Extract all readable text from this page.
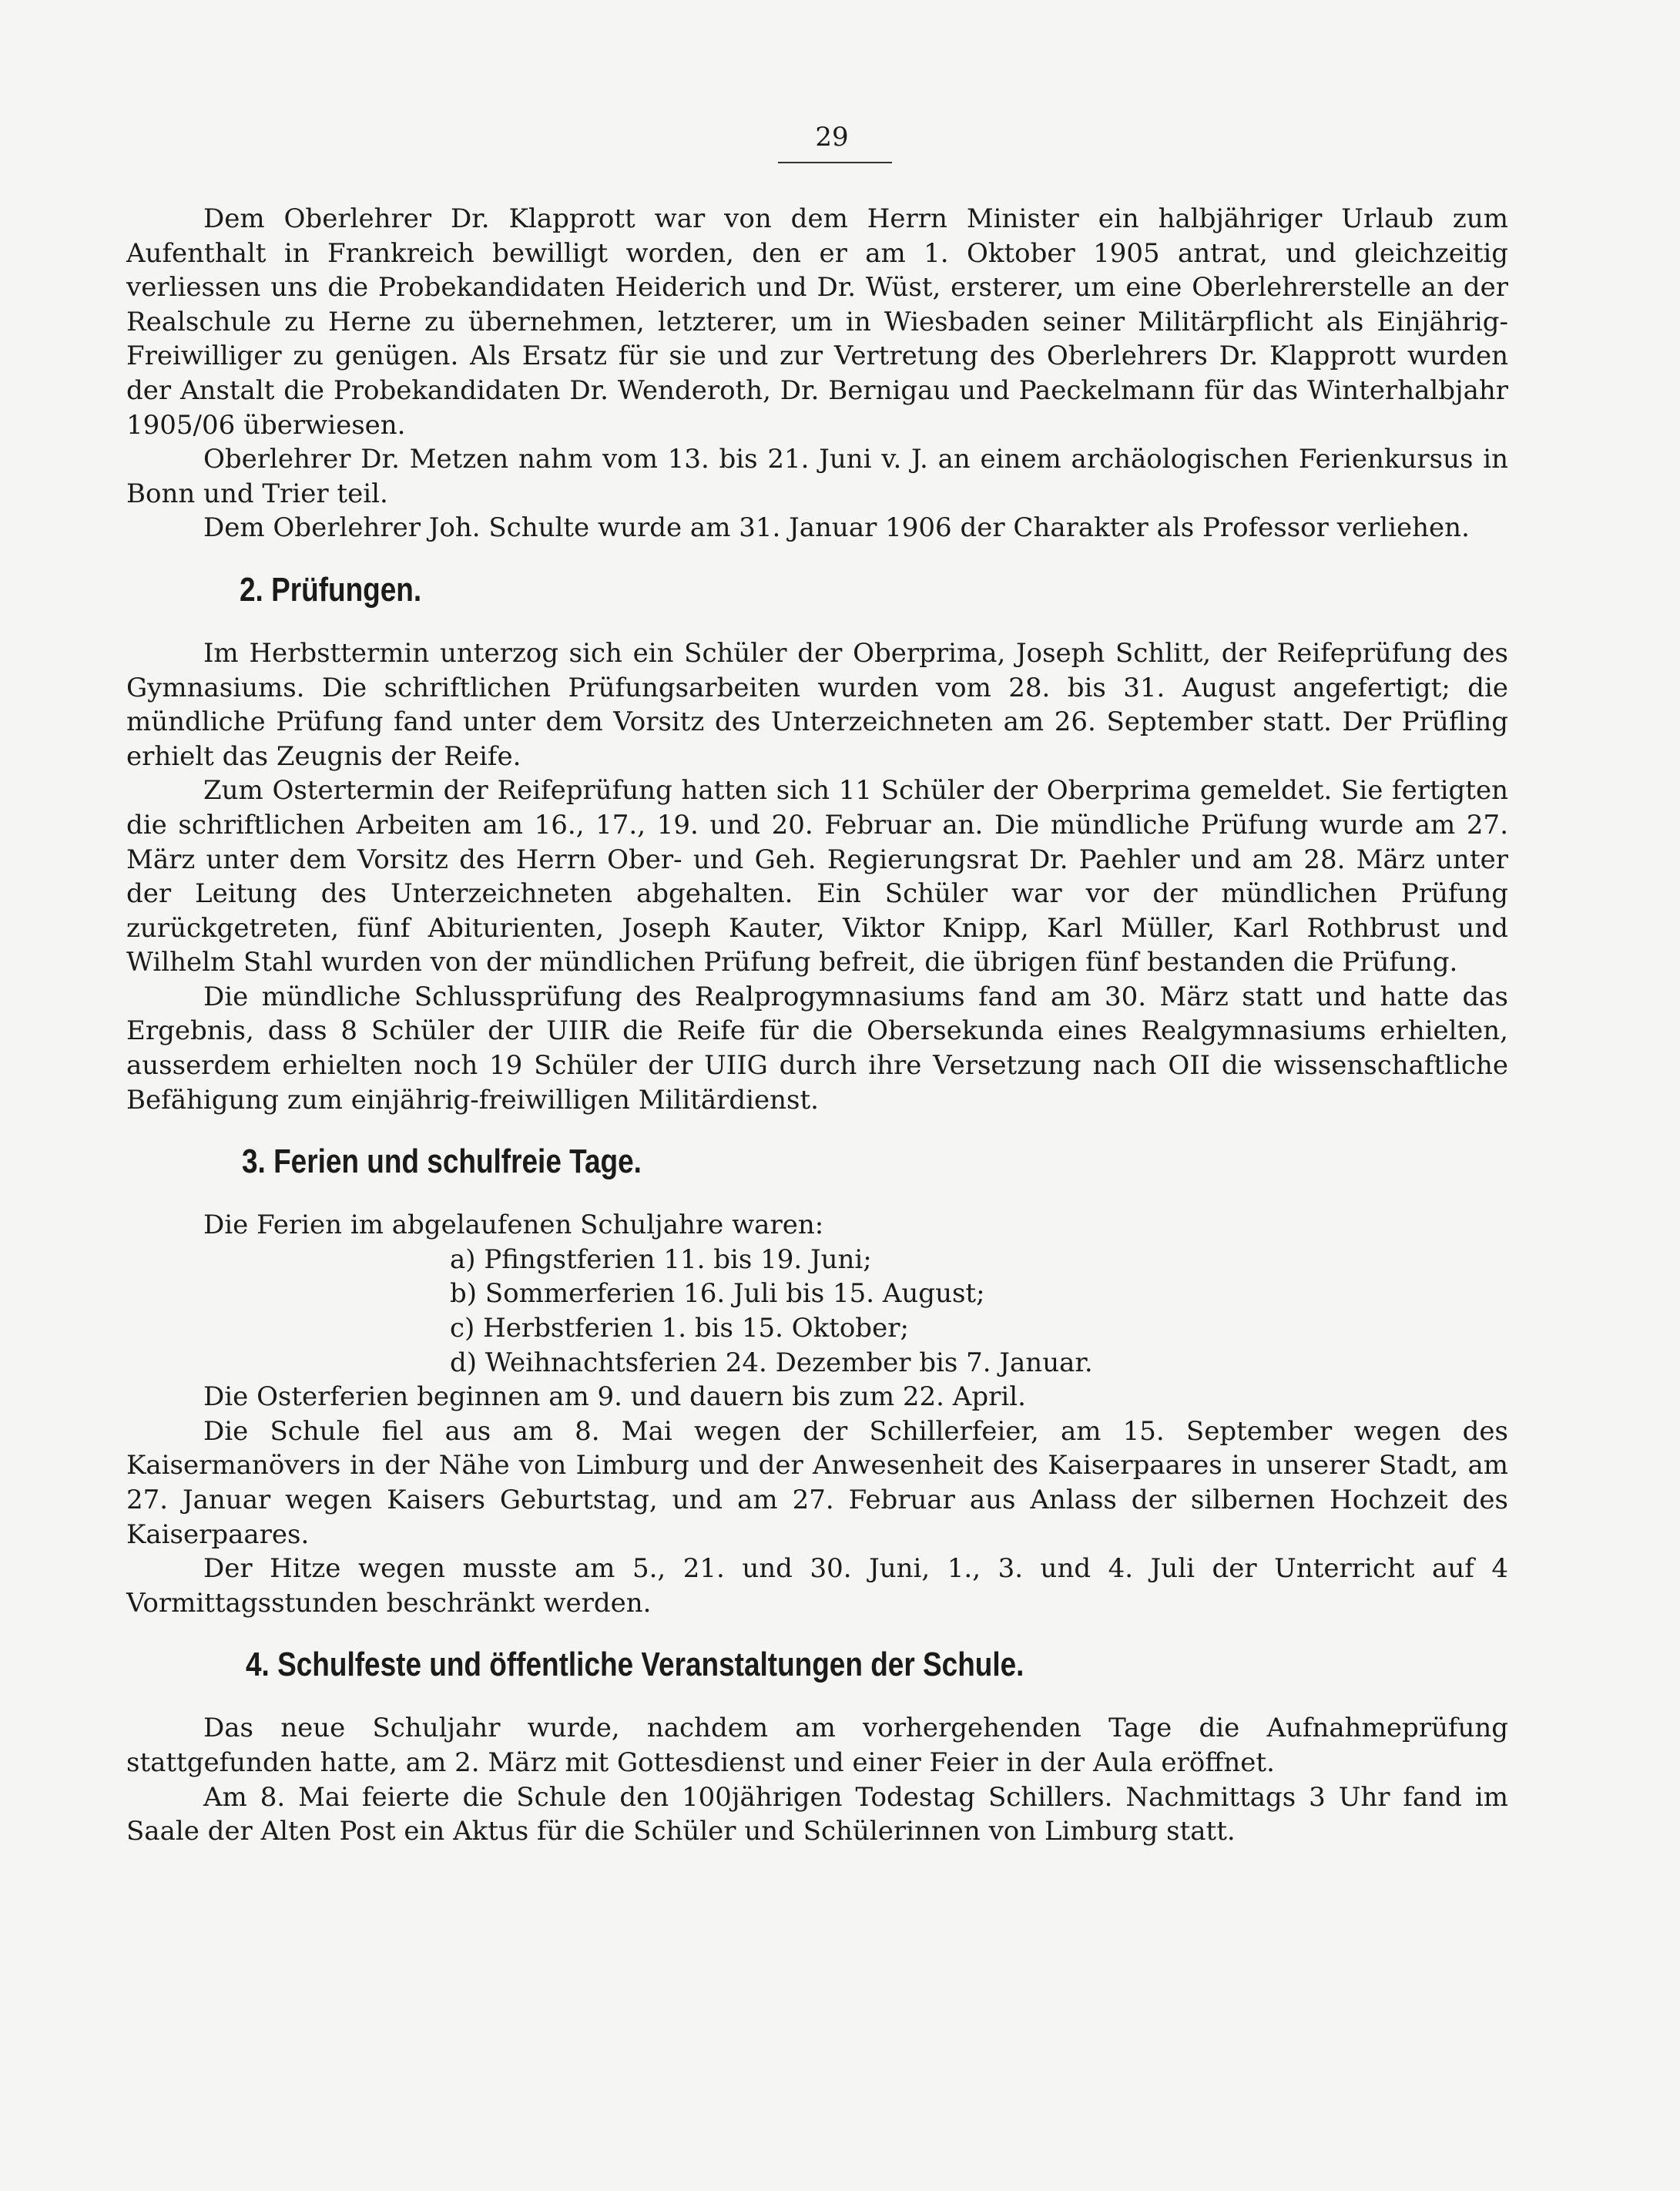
29

Dem Oberlehrer Dr. Klapprott war von dem Herrn Minister ein halbjähriger Urlaub zum Aufenthalt in Frankreich bewilligt worden, den er am 1. Oktober 1905 antrat, und gleichzeitig verliessen uns die Probekandidaten Heiderich und Dr. Wüst, ersterer, um eine Oberlehrerstelle an der Realschule zu Herne zu übernehmen, letzterer, um in Wiesbaden seiner Militärpflicht als Einjährig-Freiwilliger zu genügen. Als Ersatz für sie und zur Vertretung des Oberlehrers Dr. Klapprott wurden der Anstalt die Probekandidaten Dr. Wenderoth, Dr. Bernigau und Paeckelmann für das Winterhalbjahr 1905/06 überwiesen.

Oberlehrer Dr. Metzen nahm vom 13. bis 21. Juni v. J. an einem archäologischen Ferienkursus in Bonn und Trier teil.

Dem Oberlehrer Joh. Schulte wurde am 31. Januar 1906 der Charakter als Professor verliehen.

2. Prüfungen.

Im Herbsttermin unterzog sich ein Schüler der Oberprima, Joseph Schlitt, der Reifeprüfung des Gymnasiums. Die schriftlichen Prüfungsarbeiten wurden vom 28. bis 31. August angefertigt; die mündliche Prüfung fand unter dem Vorsitz des Unterzeichneten am 26. September statt. Der Prüfling erhielt das Zeugnis der Reife.

Zum Ostertermin der Reifeprüfung hatten sich 11 Schüler der Oberprima gemeldet. Sie fertigten die schriftlichen Arbeiten am 16., 17., 19. und 20. Februar an. Die mündliche Prüfung wurde am 27. März unter dem Vorsitz des Herrn Ober- und Geh. Regierungsrat Dr. Paehler und am 28. März unter der Leitung des Unterzeichneten abgehalten. Ein Schüler war vor der mündlichen Prüfung zurückgetreten, fünf Abiturienten, Joseph Kauter, Viktor Knipp, Karl Müller, Karl Rothbrust und Wilhelm Stahl wurden von der mündlichen Prüfung befreit, die übrigen fünf bestanden die Prüfung.

Die mündliche Schlussprüfung des Realprogymnasiums fand am 30. März statt und hatte das Ergebnis, dass 8 Schüler der UIIR die Reife für die Obersekunda eines Realgymnasiums erhielten, ausserdem erhielten noch 19 Schüler der UIIG durch ihre Versetzung nach OII die wissenschaftliche Befähigung zum einjährig-freiwilligen Militärdienst.

3. Ferien und schulfreie Tage.

Die Ferien im abgelaufenen Schuljahre waren:

a) Pfingstferien 11. bis 19. Juni;
b) Sommerferien 16. Juli bis 15. August;
c) Herbstferien 1. bis 15. Oktober;
d) Weihnachtsferien 24. Dezember bis 7. Januar.

Die Osterferien beginnen am 9. und dauern bis zum 22. April.

Die Schule fiel aus am 8. Mai wegen der Schillerfeier, am 15. September wegen des Kaisermanövers in der Nähe von Limburg und der Anwesenheit des Kaiserpaares in unserer Stadt, am 27. Januar wegen Kaisers Geburtstag, und am 27. Februar aus Anlass der silbernen Hochzeit des Kaiserpaares.

Der Hitze wegen musste am 5., 21. und 30. Juni, 1., 3. und 4. Juli der Unterricht auf 4 Vormittagsstunden beschränkt werden.

4. Schulfeste und öffentliche Veranstaltungen der Schule.

Das neue Schuljahr wurde, nachdem am vorhergehenden Tage die Aufnahmeprüfung stattgefunden hatte, am 2. März mit Gottesdienst und einer Feier in der Aula eröffnet.

Am 8. Mai feierte die Schule den 100jährigen Todestag Schillers. Nachmittags 3 Uhr fand im Saale der Alten Post ein Aktus für die Schüler und Schülerinnen von Limburg statt.
